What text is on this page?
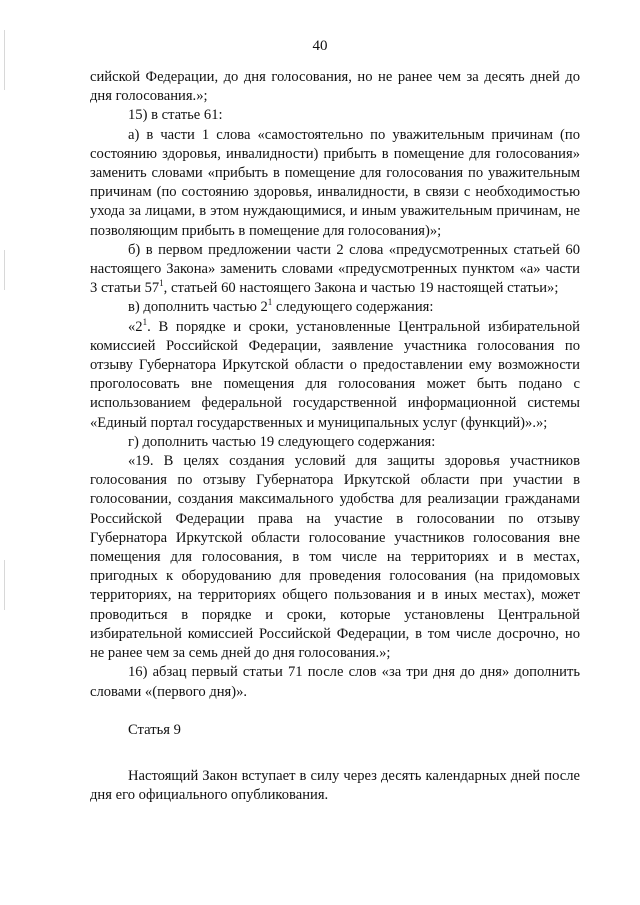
40

сийской Федерации, до дня голосования, но не ранее чем за десять дней до дня голосования.»;

15) в статье 61:

а) в части 1 слова «самостоятельно по уважительным причинам (по состоянию здоровья, инвалидности) прибыть в помещение для голосования» заменить словами «прибыть в помещение для голосования по уважительным причинам (по состоянию здоровья, инвалидности, в связи с необходимостью ухода за лицами, в этом нуждающимися, и иным уважительным причинам, не позволяющим прибыть в помещение для голосования)»;

б) в первом предложении части 2 слова «предусмотренных статьей 60 настоящего Закона» заменить словами «предусмотренных пунктом «а» части 3 статьи $57^1$, статьей 60 настоящего Закона и частью 19 настоящей статьи»;

в) дополнить частью $2^1$ следующего содержания:

«$2^1$. В порядке и сроки, установленные Центральной избирательной комиссией Российской Федерации, заявление участника голосования по отзыву Губернатора Иркутской области о предоставлении ему возможности проголосовать вне помещения для голосования может быть подано с использованием федеральной государственной информационной системы «Единый портал государственных и муниципальных услуг (функций)».»;

г) дополнить частью 19 следующего содержания:

«19. В целях создания условий для защиты здоровья участников голосования по отзыву Губернатора Иркутской области при участии в голосовании, создания максимального удобства для реализации гражданами Российской Федерации права на участие в голосовании по отзыву Губернатора Иркутской области голосование участников голосования вне помещения для голосования, в том числе на территориях и в местах, пригодных к оборудованию для проведения голосования (на придомовых территориях, на территориях общего пользования и в иных местах), может проводиться в порядке и сроки, которые установлены Центральной избирательной комиссией Российской Федерации, в том числе досрочно, но не ранее чем за семь дней до дня голосования.»;

16) абзац первый статьи 71 после слов «за три дня до дня» дополнить словами «(первого дня)».

Статья 9

Настоящий Закон вступает в силу через десять календарных дней после дня его официального опубликования.
